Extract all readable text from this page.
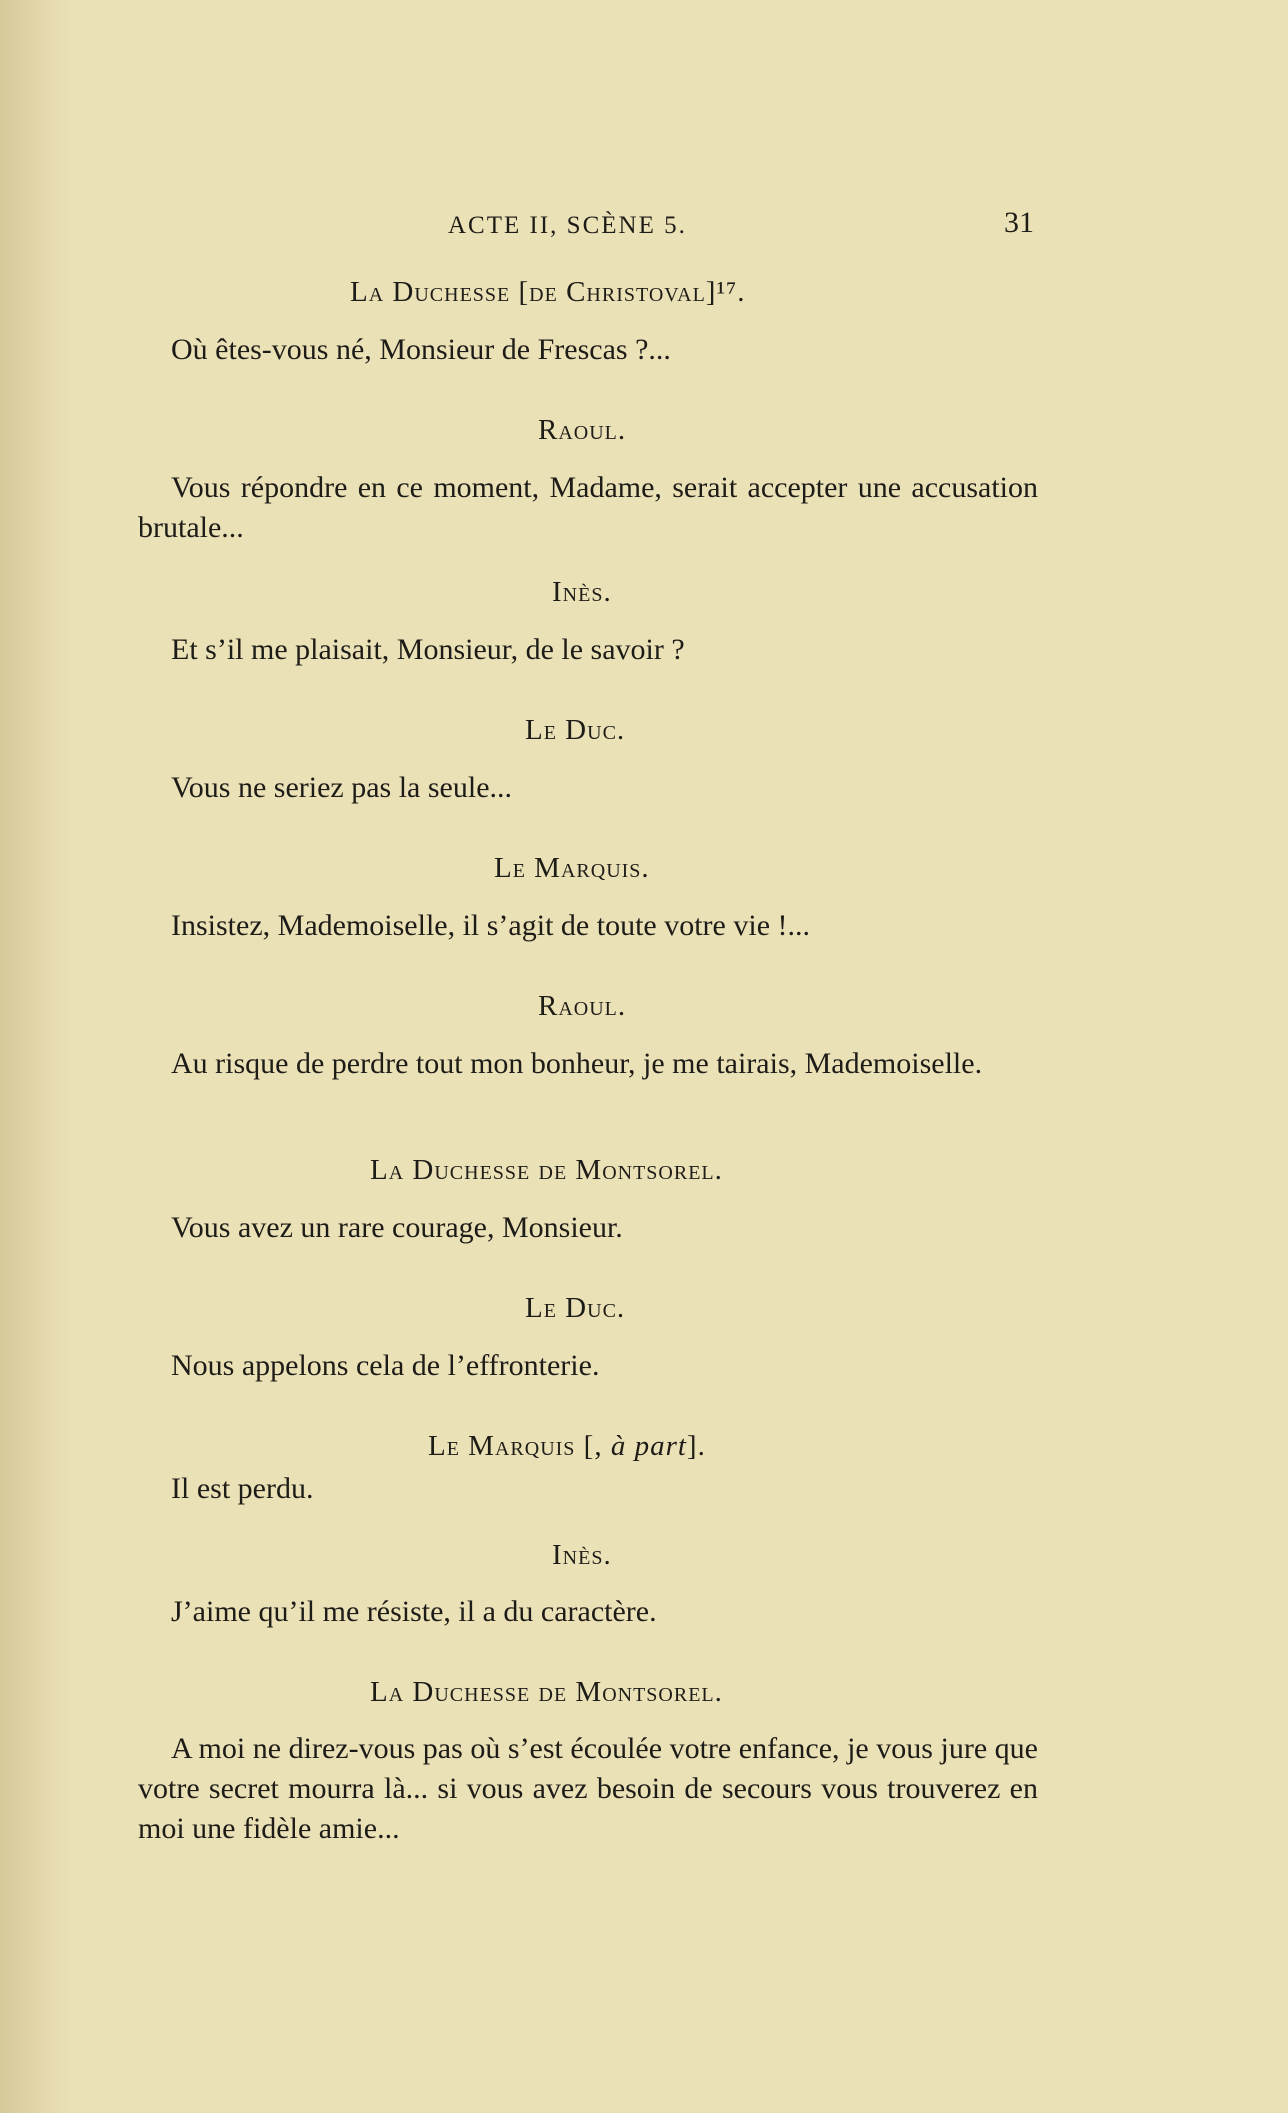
ACTE II, SCÈNE 5.	31
La Duchesse [de Christoval]¹⁷.
Où êtes-vous né, Monsieur de Frescas ?...
Raoul.
Vous répondre en ce moment, Madame, serait accepter une accusation brutale...
Inès.
Et s’il me plaisait, Monsieur, de le savoir ?
Le Duc.
Vous ne seriez pas la seule...
Le Marquis.
Insistez, Mademoiselle, il s’agit de toute votre vie !...
Raoul.
Au risque de perdre tout mon bonheur, je me tairais, Mademoiselle.
La Duchesse de Montsorel.
Vous avez un rare courage, Monsieur.
Le Duc.
Nous appelons cela de l’effronterie.
Le Marquis [, à part].
Il est perdu.
Inès.
J’aime qu’il me résiste, il a du caractère.
La Duchesse de Montsorel.
A moi ne direz-vous pas où s’est écoulée votre enfance, je vous jure que votre secret mourra là... si vous avez besoin de secours vous trouverez en moi une fidèle amie...
